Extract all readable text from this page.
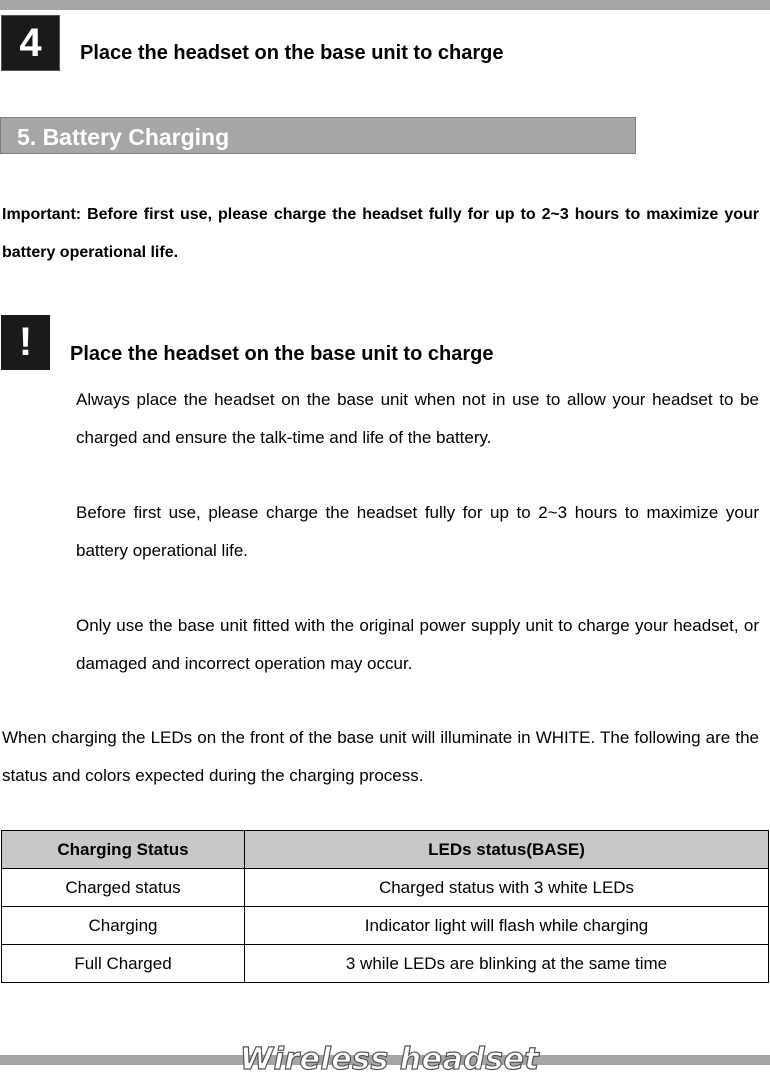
4	Place the headset on the base unit to charge
5. Battery Charging
Important: Before first use, please charge the headset fully for up to 2~3 hours to maximize your battery operational life.
!	Place the headset on the base unit to charge
Always place the headset on the base unit when not in use to allow your headset to be charged and ensure the talk-time and life of the battery.
Before first use, please charge the headset fully for up to 2~3 hours to maximize your battery operational life.
Only use the base unit fitted with the original power supply unit to charge your headset, or damaged and incorrect operation may occur.
When charging the LEDs on the front of the base unit will illuminate in WHITE. The following are the status and colors expected during the charging process.
Charging Status	LEDs status(BASE)
Charged status	Charged status with 3 white LEDs
Charging	Indicator light will flash while charging
Full Charged	3 while LEDs are blinking at the same time
Wireless headset
